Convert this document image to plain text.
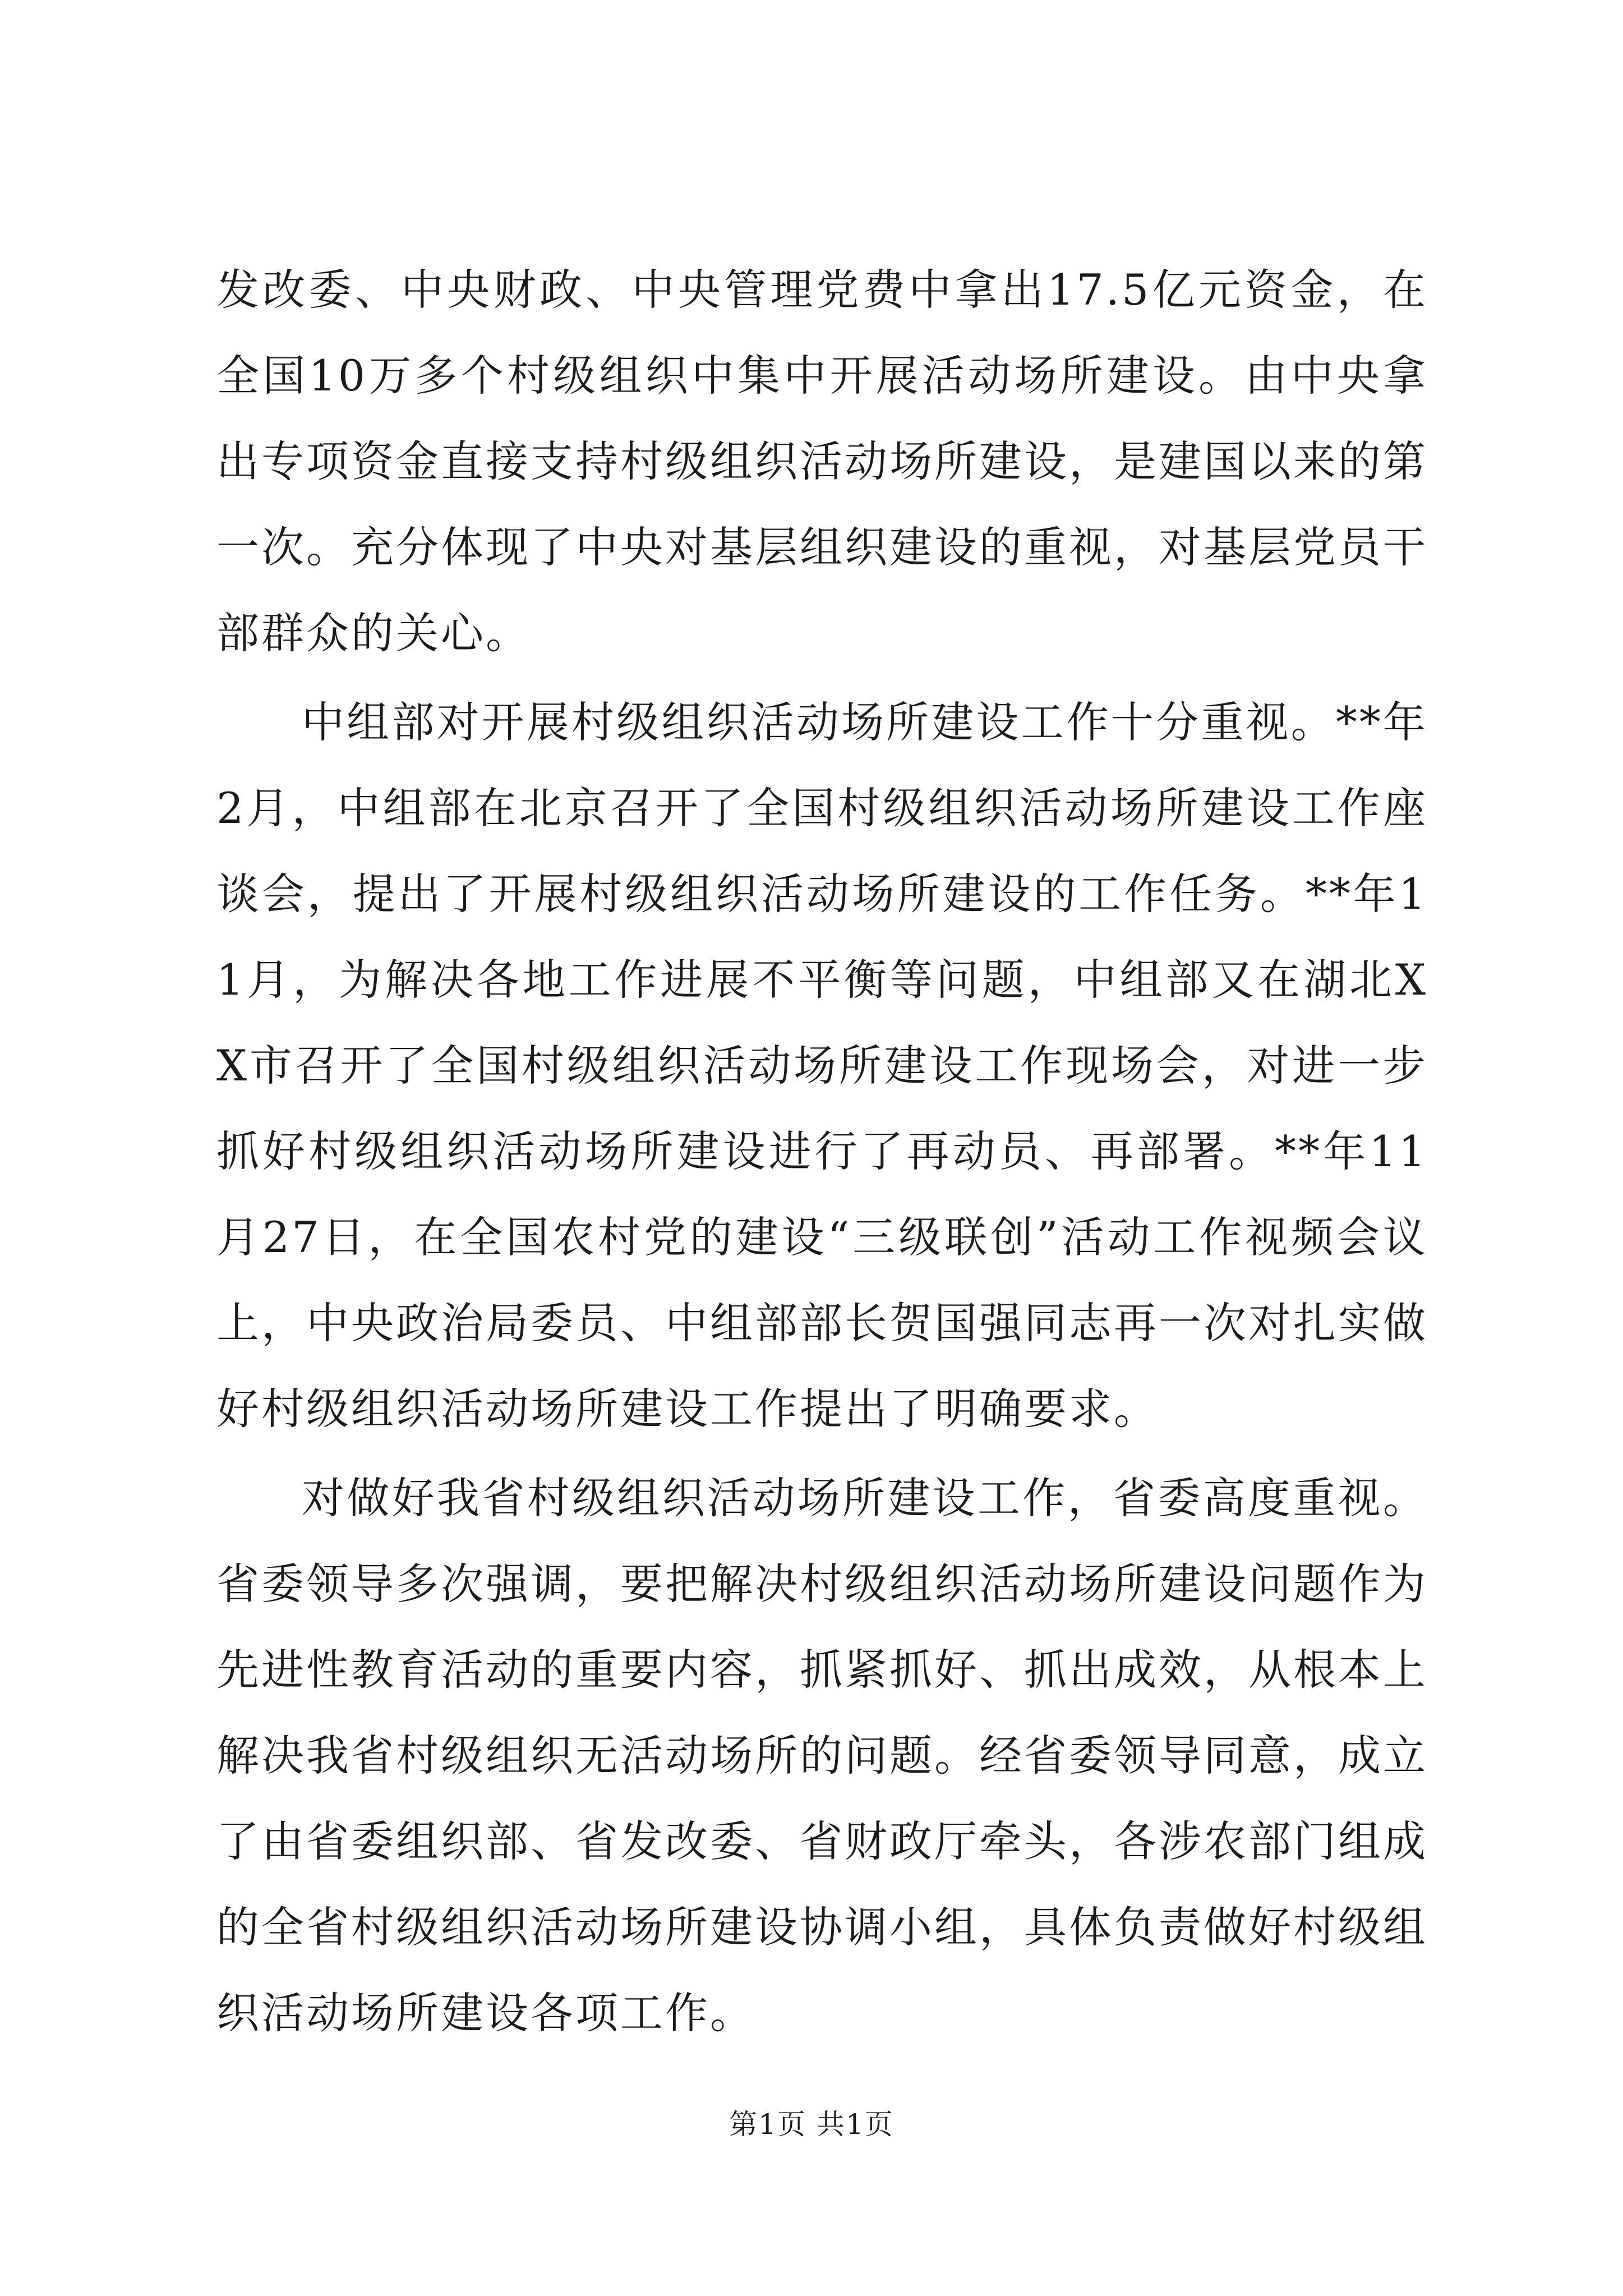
发改委、中央财政、中央管理党费中拿出17.5亿元资金，在全国10万多个村级组织中集中开展活动场所建设。由中央拿出专项资金直接支持村级组织活动场所建设，是建国以来的第一次。充分体现了中央对基层组织建设的重视，对基层党员干部群众的关心。

中组部对开展村级组织活动场所建设工作十分重视。**年2月，中组部在北京召开了全国村级组织活动场所建设工作座谈会，提出了开展村级组织活动场所建设的工作任务。**年11月，为解决各地工作进展不平衡等问题，中组部又在湖北XX市召开了全国村级组织活动场所建设工作现场会，对进一步抓好村级组织活动场所建设进行了再动员、再部署。**年11月27日，在全国农村党的建设“三级联创”活动工作视频会议上，中央政治局委员、中组部部长贺国强同志再一次对扎实做好村级组织活动场所建设工作提出了明确要求。

对做好我省村级组织活动场所建设工作，省委高度重视。省委领导多次强调，要把解决村级组织活动场所建设问题作为先进性教育活动的重要内容，抓紧抓好、抓出成效，从根本上解决我省村级组织无活动场所的问题。经省委领导同意，成立了由省委组织部、省发改委、省财政厅牵头，各涉农部门组成的全省村级组织活动场所建设协调小组，具体负责做好村级组织活动场所建设各项工作。

第1页 共1页
